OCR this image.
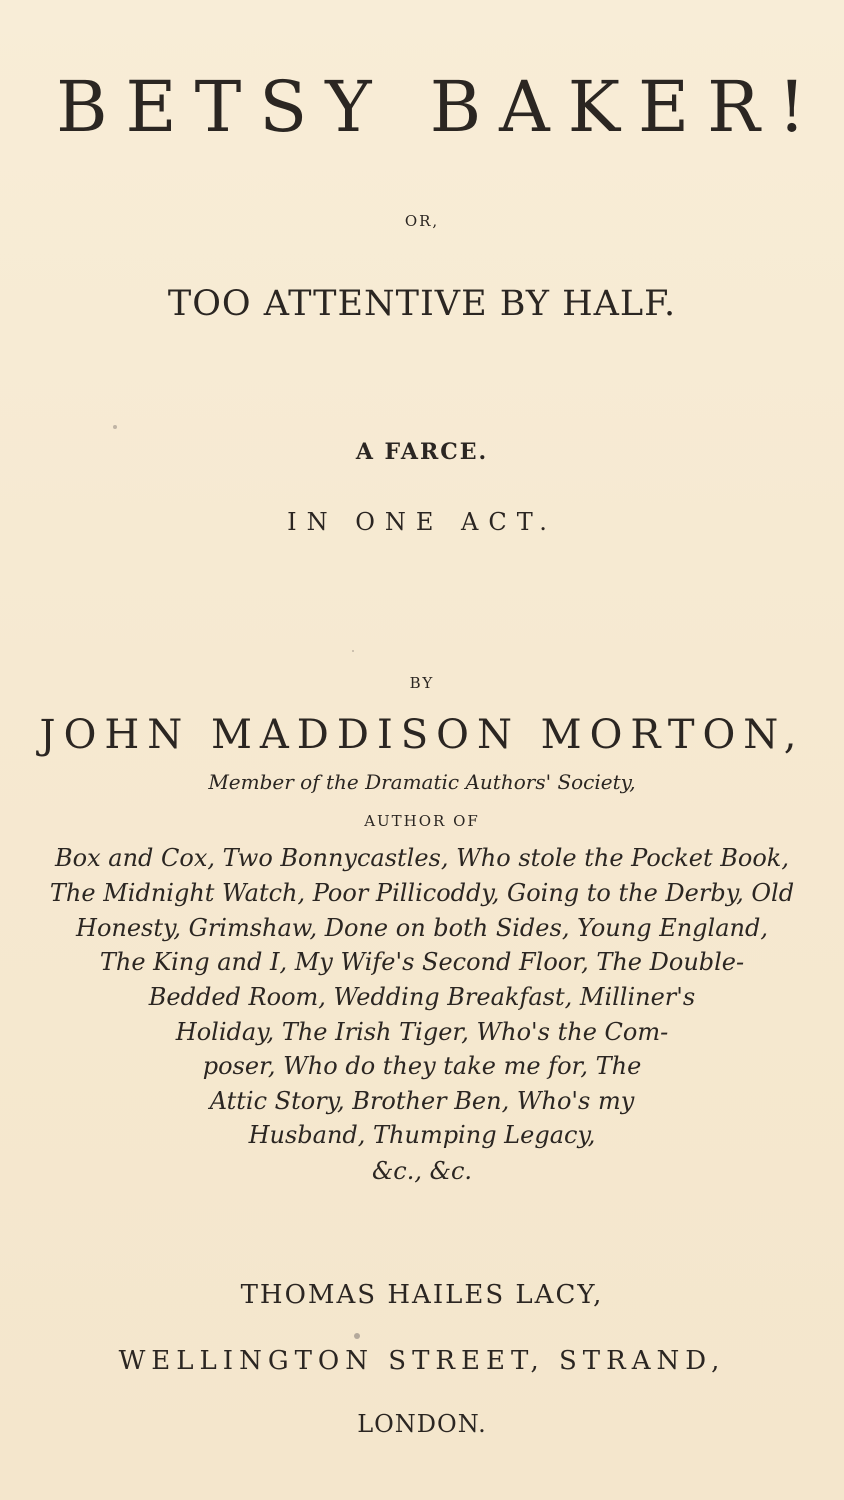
BETSY BAKER!
OR,
TOO ATTENTIVE BY HALF.
A FARCE.
IN ONE ACT.
BY
JOHN MADDISON MORTON,
Member of the Dramatic Authors' Society,
AUTHOR OF
Box and Cox, Two Bonnycastles, Who stole the Pocket Book,
The Midnight Watch, Poor Pillicoddy, Going to the Derby, Old
Honesty, Grimshaw, Done on both Sides, Young England,
The King and I, My Wife's Second Floor, The Double-
Bedded Room, Wedding Breakfast, Milliner's
Holiday, The Irish Tiger, Who's the Com-
poser, Who do they take me for, The
Attic Story, Brother Ben, Who's my
Husband, Thumping Legacy,
&c., &c.
THOMAS HAILES LACY,
WELLINGTON STREET, STRAND,
LONDON.
